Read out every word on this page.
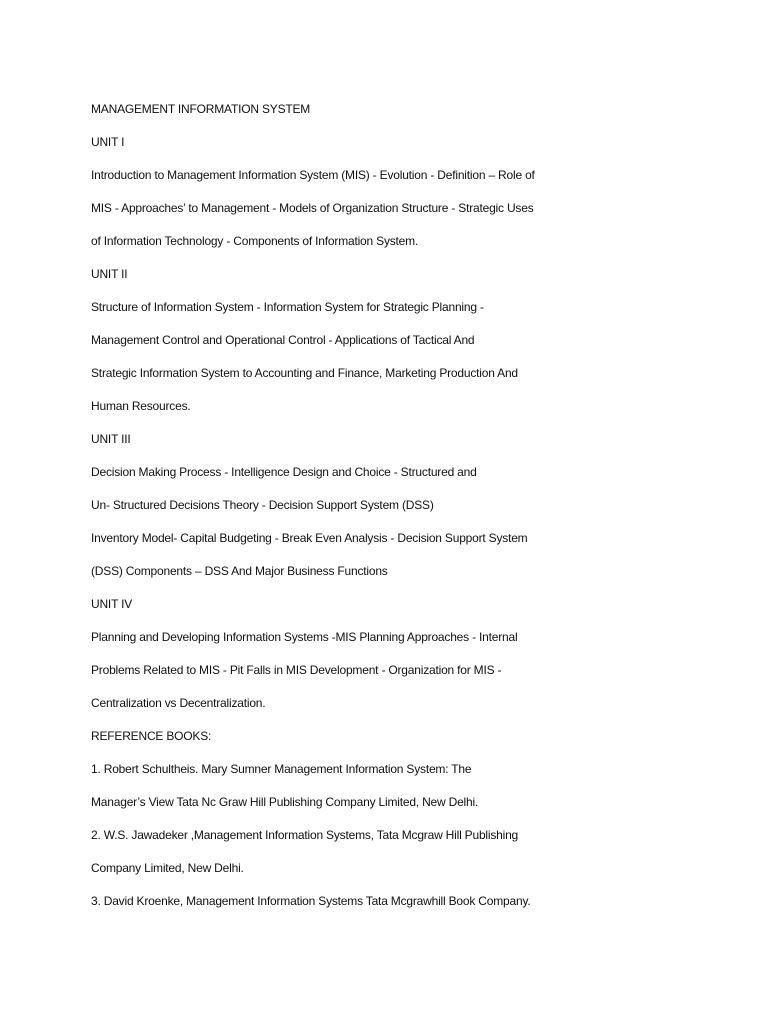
MANAGEMENT INFORMATION SYSTEM
UNIT I
Introduction to Management Information System (MIS) - Evolution - Definition – Role of
MIS - Approaches’ to Management - Models of Organization Structure - Strategic Uses
of Information Technology - Components of Information System.
UNIT II
Structure of Information System - Information System for Strategic Planning -
Management Control and Operational Control - Applications of Tactical And
Strategic Information System to Accounting and Finance, Marketing Production And
Human Resources.
UNIT III
Decision Making Process - Intelligence Design and Choice - Structured and
Un- Structured Decisions Theory - Decision Support System (DSS)
Inventory Model- Capital Budgeting - Break Even Analysis - Decision Support System
(DSS) Components – DSS And Major Business Functions
UNIT IV
Planning and Developing Information Systems -MIS Planning Approaches - Internal
Problems Related to MIS - Pit Falls in MIS Development - Organization for MIS -
Centralization vs Decentralization.
REFERENCE BOOKS:
1. Robert Schultheis. Mary Sumner Management Information System: The
Manager’s View Tata Nc Graw Hill Publishing Company Limited, New Delhi.
2. W.S. Jawadeker ,Management Information Systems, Tata Mcgraw Hill Publishing
Company Limited, New Delhi.
3. David Kroenke, Management Information Systems Tata Mcgrawhill Book Company.
